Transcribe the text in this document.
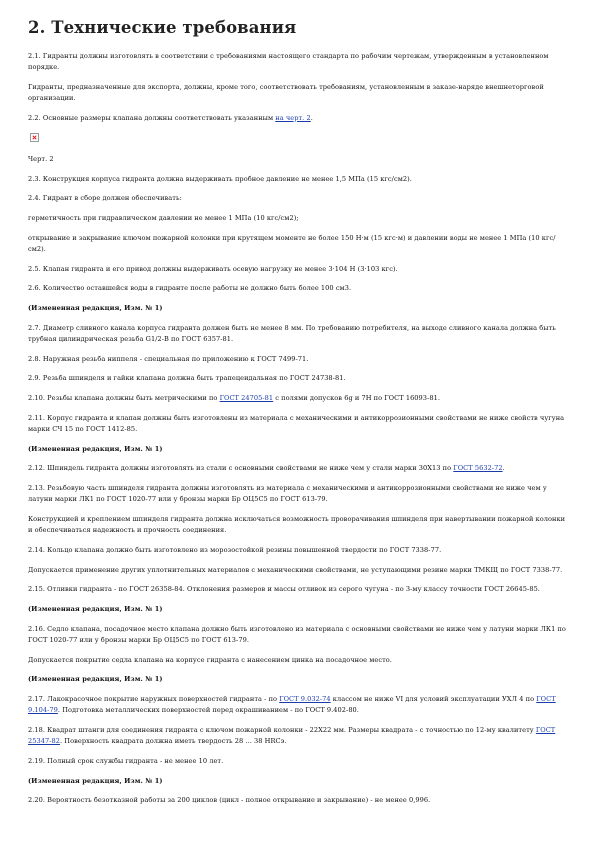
2. Технические требования

2.1. Гидранты должны изготовлять в соответствии с требованиями настоящего стандарта по рабочим чертежам, утвержденным в установленном порядке.

Гидранты, предназначенные для экспорта, должны, кроме того, соответствовать требованиям, установленным в заказе-наряде внешнеторговой организации.

2.2. Основные размеры клапана должны соответствовать указанным на черт. 2.

Черт. 2

2.3. Конструкция корпуса гидранта должна выдерживать пробное давление не менее 1,5 МПа (15 кгс/см2).

2.4. Гидрант в сборе должен обеспечивать:

герметичность при гидравлическом давлении не менее 1 МПа (10 кгс/см2);

открывание и закрывание ключом пожарной колонки при крутящем моменте не более 150 Н·м (15 кгс·м) и давлении воды не менее 1 МПа (10 кгс/см2).

2.5. Клапан гидранта и его привод должны выдерживать осевую нагрузку не менее 3·104 Н (3·103 кгс).

2.6. Количество оставшейся воды в гидранте после работы не должно быть более 100 см3.

(Измененная редакция, Изм. № 1)

2.7. Диаметр сливного канала корпуса гидранта должен быть не менее 8 мм. По требованию потребителя, на выходе сливного канала должна быть трубная цилиндрическая резьба G1/2-B по ГОСТ 6357-81.

2.8. Наружная резьба ниппеля - специальная по приложению к ГОСТ 7499-71.

2.9. Резьба шпинделя и гайки клапана должна быть трапецеидальная по ГОСТ 24738-81.

2.10. Резьбы клапана должны быть метрическими по ГОСТ 24705-81 с полями допусков 6g и 7H по ГОСТ 16093-81.

2.11. Корпус гидранта и клапан должны быть изготовлены из материала с механическими и антикоррозионными свойствами не ниже свойств чугуна марки СЧ 15 по ГОСТ 1412-85.

(Измененная редакция, Изм. № 1)

2.12. Шпиндель гидранта должны изготовлять из стали с основными свойствами не ниже чем у стали марки 30Х13 по ГОСТ 5632-72.

2.13. Резьбовую часть шпинделя гидранта должны изготовлять из материала с механическими и антикоррозионными свойствами не ниже чем у латуни марки ЛК1 по ГОСТ 1020-77 или у бронзы марки Бр ОЦ5С5 по ГОСТ 613-79.

Конструкцией и креплением шпинделя гидранта должна исключаться возможность проворачивания шпинделя при навертывании пожарной колонки и обеспечиваться надежность и прочность соединения.

2.14. Кольцо клапана должно быть изготовлено из морозостойкой резины повышенной твердости по ГОСТ 7338-77.

Допускается применение других уплотнительных материалов с механическими свойствами, не уступающими резине марки ТМКЩ по ГОСТ 7338-77.

2.15. Отливки гидранта - по ГОСТ 26358-84. Отклонения размеров и массы отливок из серого чугуна - по 3-му классу точности ГОСТ 26645-85.

(Измененная редакция, Изм. № 1)

2.16. Седло клапана, посадочное место клапана должно быть изготовлено из материала с основными свойствами не ниже чем у латуни марки ЛК1 по ГОСТ 1020-77 или у бронзы марки Бр ОЦ5С5 по ГОСТ 613-79.

Допускается покрытие седла клапана на корпусе гидранта с нанесением цинка на посадочное место.

(Измененная редакция, Изм. № 1)

2.17. Лакокрасочное покрытие наружных поверхностей гидранта - по ГОСТ 9.032-74 классом не ниже VI для условий эксплуатации УХЛ 4 по ГОСТ 9.104-79. Подготовка металлических поверхностей перед окрашиванием - по ГОСТ 9.402-80.

2.18. Квадрат штанги для соединения гидранта с ключом пожарной колонки - 22Х22 мм. Размеры квадрата - с точностью по 12-му квалитету ГОСТ 25347-82. Поверхность квадрата должна иметь твердость 28 ... 38 HRCэ.

2.19. Полный срок службы гидранта - не менее 10 лет.

(Измененная редакция, Изм. № 1)

2.20. Вероятность безотказной работы за 200 циклов (цикл - полное открывание и закрывание) - не менее 0,996.
